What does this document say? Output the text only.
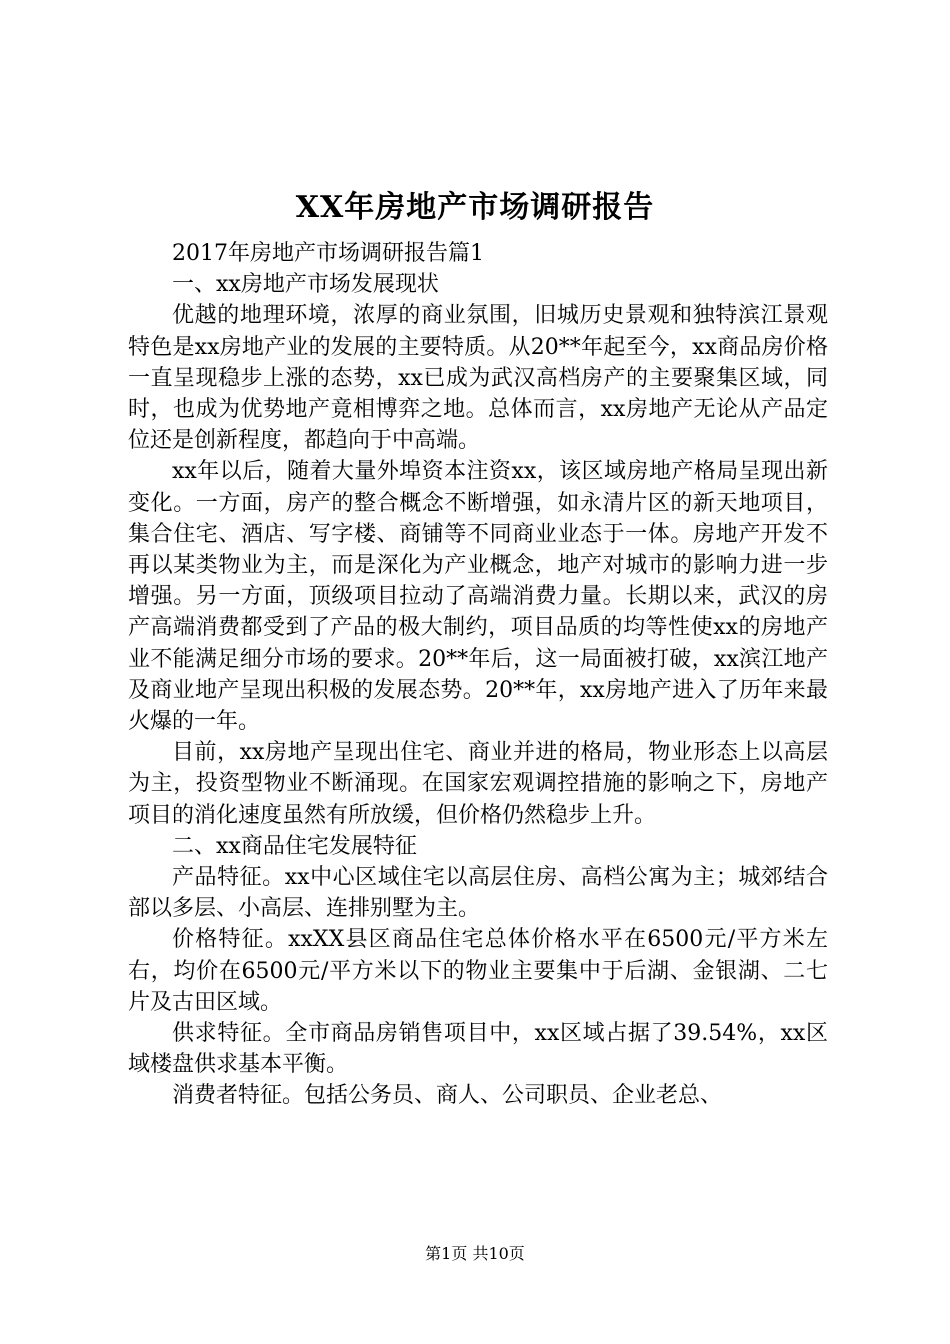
XX年房地产市场调研报告

2017年房地产市场调研报告篇1

一、xx房地产市场发展现状

优越的地理环境，浓厚的商业氛围，旧城历史景观和独特滨江景观特色是xx房地产业的发展的主要特质。从20**年起至今，xx商品房价格一直呈现稳步上涨的态势，xx已成为武汉高档房产的主要聚集区域，同时，也成为优势地产竟相博弈之地。总体而言，xx房地产无论从产品定位还是创新程度，都趋向于中高端。

xx年以后，随着大量外埠资本注资xx，该区域房地产格局呈现出新变化。一方面，房产的整合概念不断增强，如永清片区的新天地项目，集合住宅、酒店、写字楼、商铺等不同商业业态于一体。房地产开发不再以某类物业为主，而是深化为产业概念，地产对城市的影响力进一步增强。另一方面，顶级项目拉动了高端消费力量。长期以来，武汉的房产高端消费都受到了产品的极大制约，项目品质的均等性使xx的房地产业不能满足细分市场的要求。20**年后，这一局面被打破，xx滨江地产及商业地产呈现出积极的发展态势。20**年，xx房地产进入了历年来最火爆的一年。

目前，xx房地产呈现出住宅、商业并进的格局，物业形态上以高层为主，投资型物业不断涌现。在国家宏观调控措施的影响之下，房地产项目的消化速度虽然有所放缓，但价格仍然稳步上升。

二、xx商品住宅发展特征

产品特征。xx中心区域住宅以高层住房、高档公寓为主；城郊结合部以多层、小高层、连排别墅为主。

价格特征。xxXX县区商品住宅总体价格水平在6500元/平方米左右，均价在6500元/平方米以下的物业主要集中于后湖、金银湖、二七片及古田区域。

供求特征。全市商品房销售项目中，xx区域占据了39.54%，xx区域楼盘供求基本平衡。

消费者特征。包括公务员、商人、公司职员、企业老总、

第1页 共10页
